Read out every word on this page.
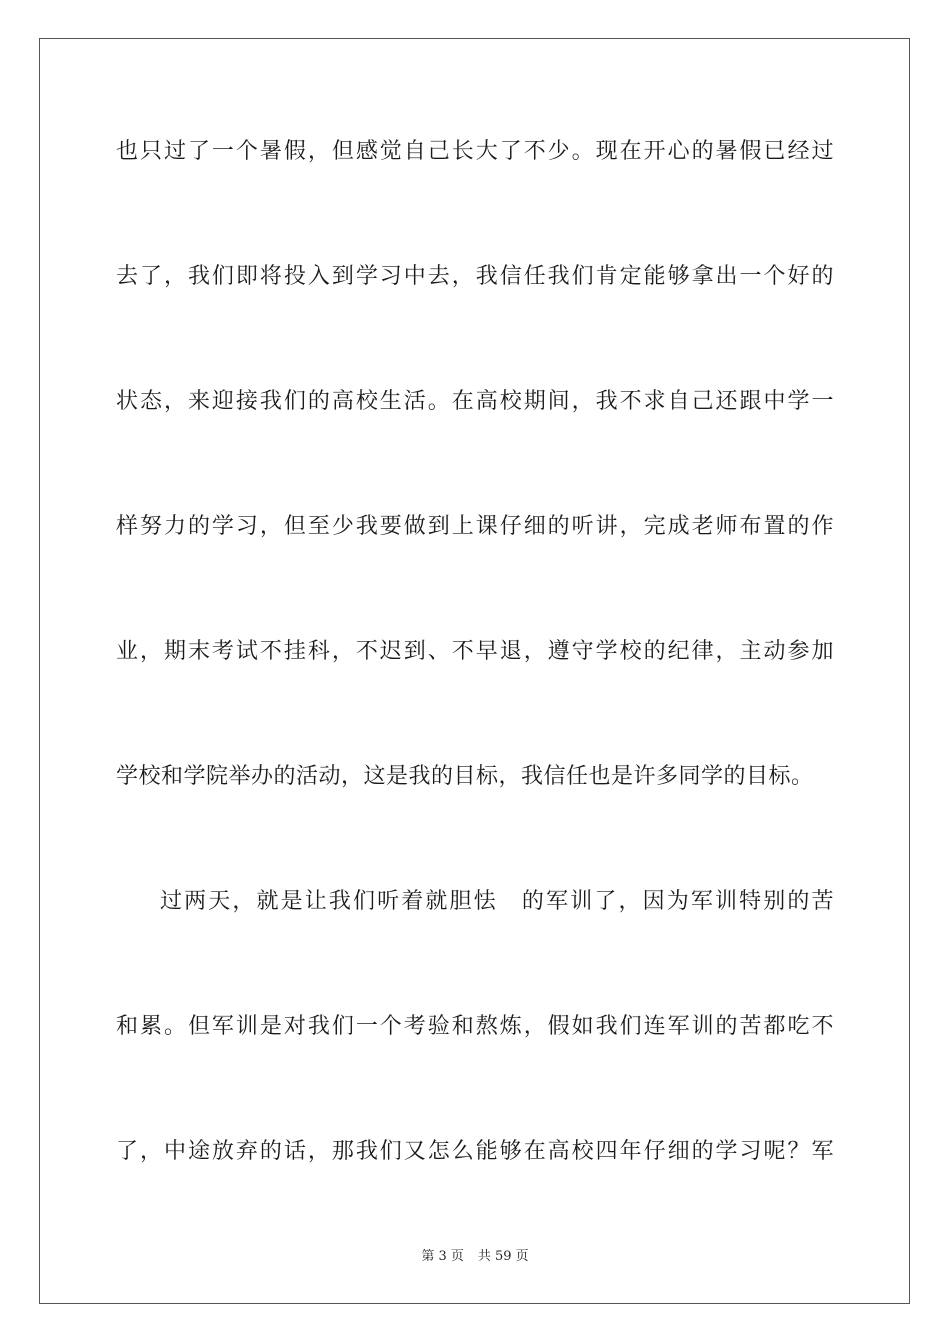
也只过了一个暑假，但感觉自己长大了不少。现在开心的暑假已经过
去了，我们即将投入到学习中去，我信任我们肯定能够拿出一个好的
状态，来迎接我们的高校生活。在高校期间，我不求自己还跟中学一
样努力的学习，但至少我要做到上课仔细的听讲，完成老师布置的作
业，期末考试不挂科，不迟到、不早退，遵守学校的纪律，主动参加
学校和学院举办的活动，这是我的目标，我信任也是许多同学的目标。
过两天，就是让我们听着就胆怯　的军训了，因为军训特别的苦
和累。但军训是对我们一个考验和熬炼，假如我们连军训的苦都吃不
了，中途放弃的话，那我们又怎么能够在高校四年仔细的学习呢？军
第 3 页 共 59 页
